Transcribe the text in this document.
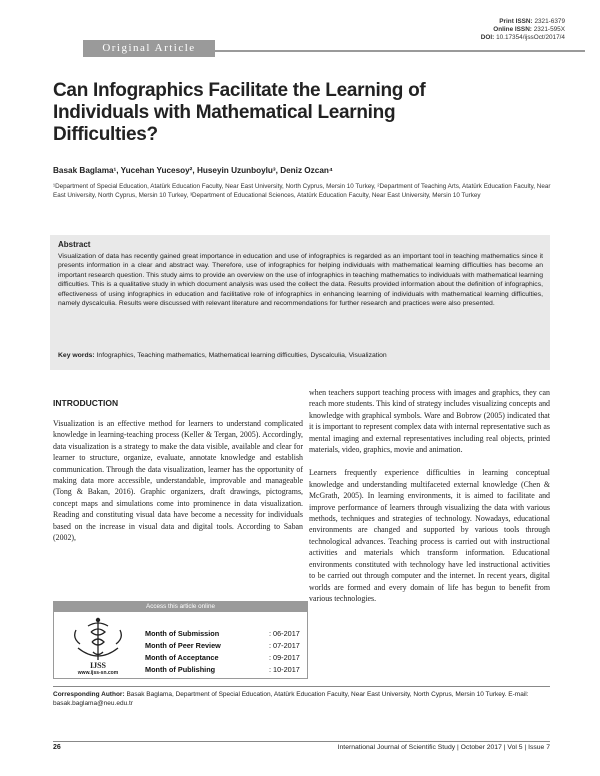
Print ISSN: 2321-6379
Online ISSN: 2321-595X
DOI: 10.17354/ijssOct/2017/4
Original Article
Can Infographics Facilitate the Learning of Individuals with Mathematical Learning Difficulties?
Basak Baglama¹, Yucehan Yucesoy², Huseyin Uzunboylu³, Deniz Ozcan⁴
¹Department of Special Education, Atatürk Education Faculty, Near East University, North Cyprus, Mersin 10 Turkey, ²Department of Teaching Arts, Atatürk Education Faculty, Near East University, North Cyprus, Mersin 10 Turkey, ³Department of Educational Sciences, Atatürk Education Faculty, Near East University, Mersin 10 Turkey
Abstract
Visualization of data has recently gained great importance in education and use of infographics is regarded as an important tool in teaching mathematics since it presents information in a clear and abstract way. Therefore, use of infographics for helping individuals with mathematical learning difficulties has become an important research question. This study aims to provide an overview on the use of infographics in teaching mathematics to individuals with mathematical learning difficulties. This is a qualitative study in which document analysis was used the collect the data. Results provided information about the definition of infographics, effectiveness of using infographics in education and facilitative role of infographics in enhancing learning of individuals with mathematical learning difficulties, namely dyscalculia. Results were discussed with relevant literature and recommendations for further research and practices were also presented.
Key words: Infographics, Teaching mathematics, Mathematical learning difficulties, Dyscalculia, Visualization
INTRODUCTION

Visualization is an effective method for learners to understand complicated knowledge in learning-teaching process (Keller & Tergan, 2005). Accordingly, data visualization is a strategy to make the data visible, available and clear for learner to structure, organize, evaluate, annotate knowledge and establish communication. Through the data visualization, learner has the opportunity of making data more accessible, understandable, improvable and manageable (Tong & Bakan, 2016). Graphic organizers, draft drawings, pictograms, concept maps and simulations come into prominence in data visualization. Reading and constituting visual data have become a necessity for individuals based on the increase in visual data and digital tools. According to Saban (2002),

when teachers support teaching process with images and graphics, they can reach more students. This kind of strategy includes visualizing concepts and knowledge with graphical symbols. Ware and Bobrow (2005) indicated that it is important to represent complex data with internal representative such as mental imaging and external representatives including real objects, printed materials, video, graphics, movie and animation.

Learners frequently experience difficulties in learning conceptual knowledge and understanding multifaceted external knowledge (Chen & McGrath, 2005). In learning environments, it is aimed to facilitate and improve performance of learners through visualizing the data with various methods, techniques and strategies of technology. Nowadays, educational environments are changed and supported by various tools through technological advances. Teaching process is carried out with instructional activities and materials which transform information. Educational environments constituted with technology have led instructional activities to be carried out through computer and the internet. In recent years, digital worlds are formed and every domain of life has begun to benefit from various technologies.

Access this article online
IJSS
www.ijss-sn.com
Month of Submission	: 06-2017
Month of Peer Review	: 07-2017
Month of Acceptance	: 09-2017
Month of Publishing	: 10-2017
Corresponding Author: Basak Baglama, Department of Special Education, Atatürk Education Faculty, Near East University, North Cyprus, Mersin 10 Turkey. E-mail: basak.baglama@neu.edu.tr
26	International Journal of Scientific Study | October 2017 | Vol 5 | Issue 7
